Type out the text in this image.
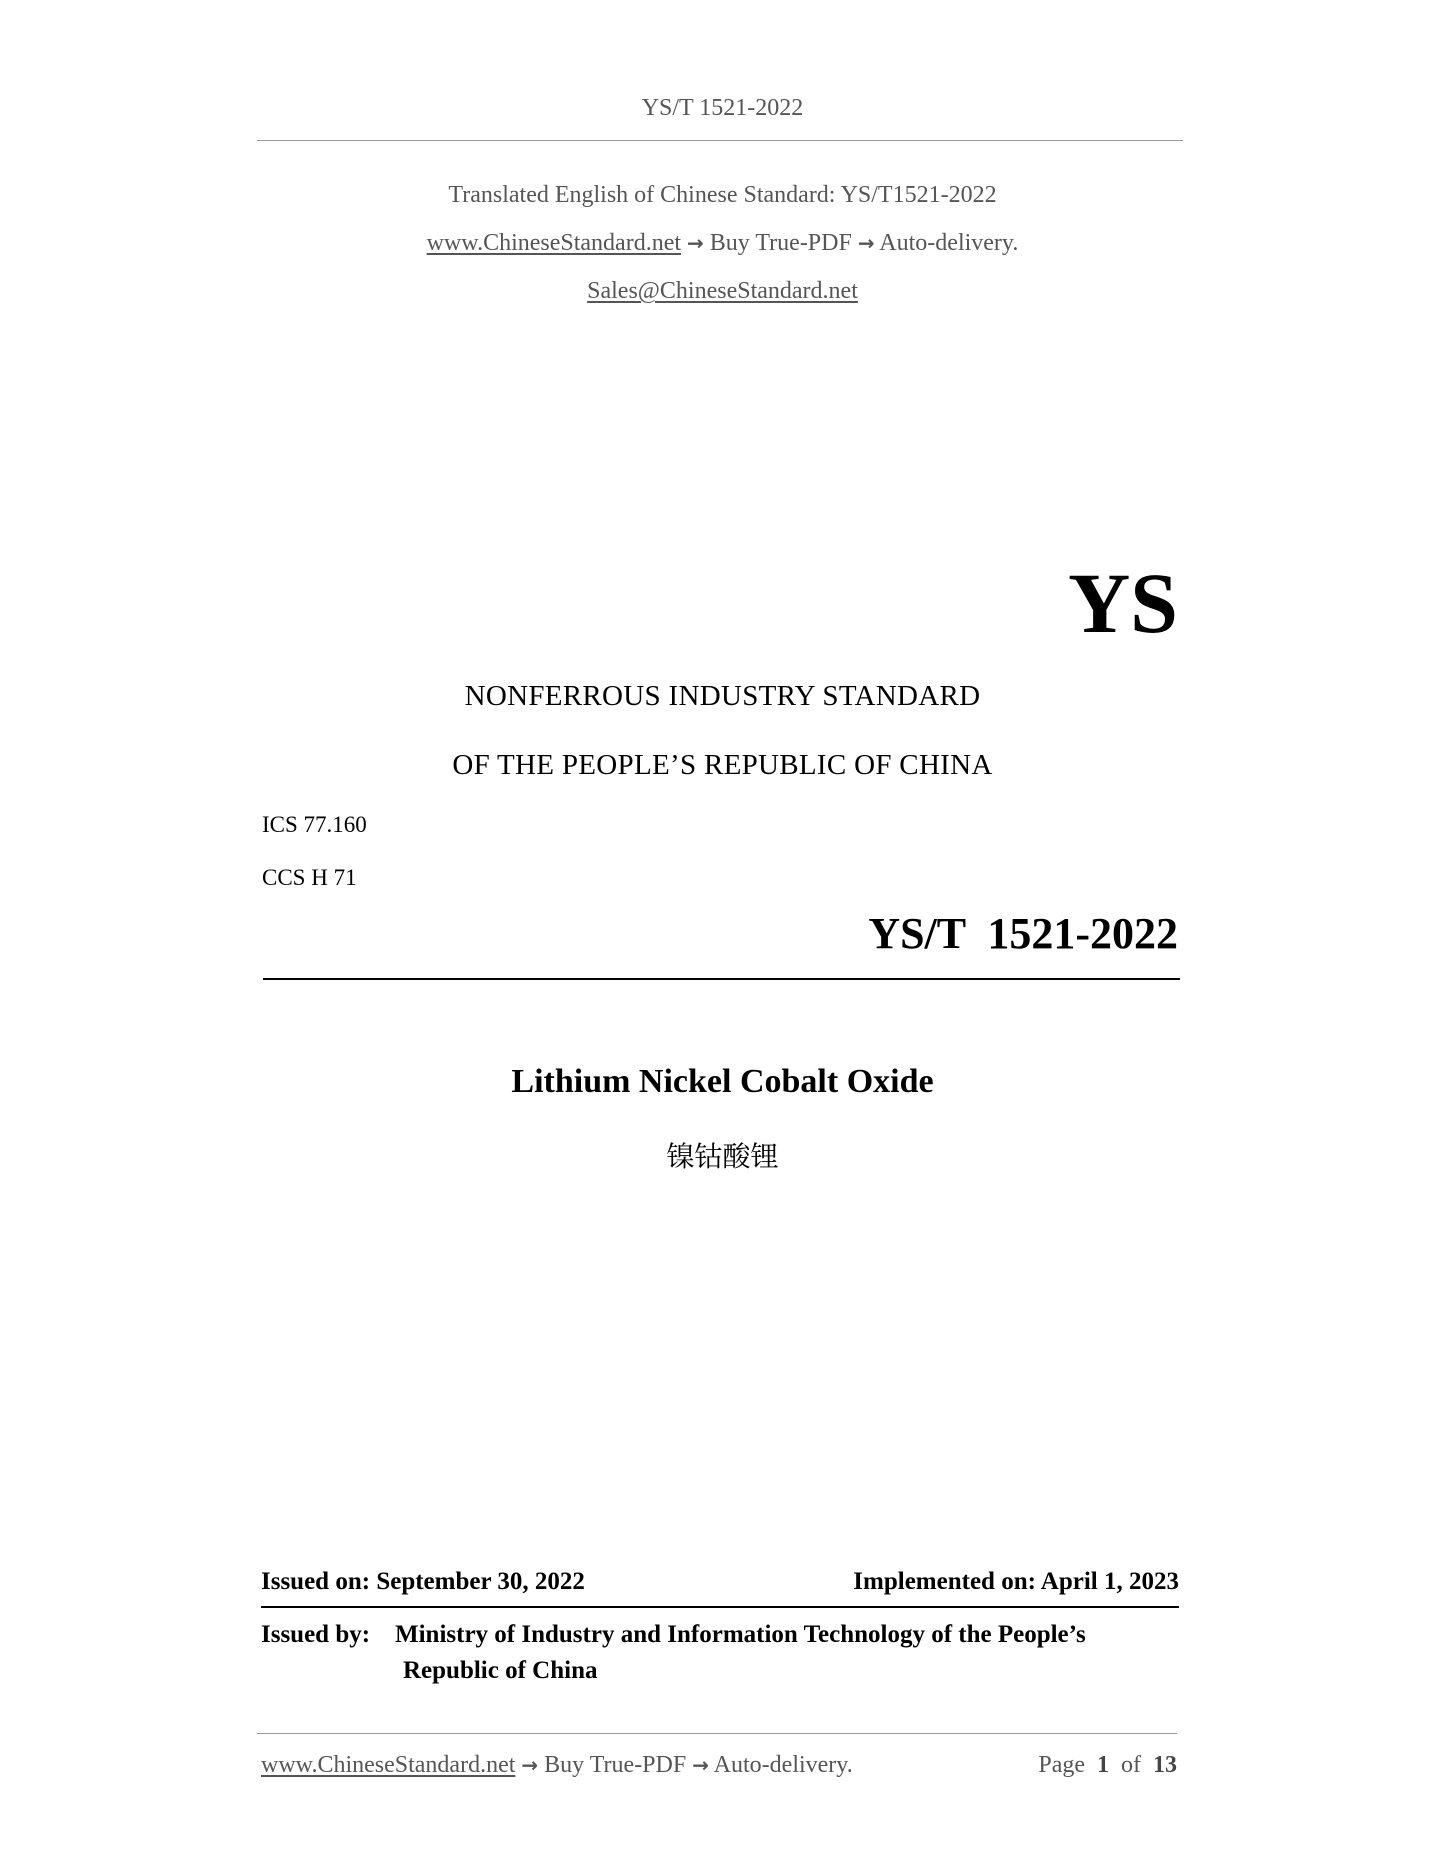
YS/T 1521-2022
Translated English of Chinese Standard: YS/T1521-2022
www.ChineseStandard.net → Buy True-PDF → Auto-delivery.
Sales@ChineseStandard.net
YS
NONFERROUS INDUSTRY STANDARD
OF THE PEOPLE’S REPUBLIC OF CHINA
ICS 77.160
CCS H 71
YS/T  1521-2022
Lithium Nickel Cobalt Oxide
镍钴酸锂
Issued on: September 30, 2022	Implemented on: April 1, 2023
Issued by: Ministry of Industry and Information Technology of the People’s
Republic of China
www.ChineseStandard.net → Buy True-PDF → Auto-delivery.	Page 1 of 13
